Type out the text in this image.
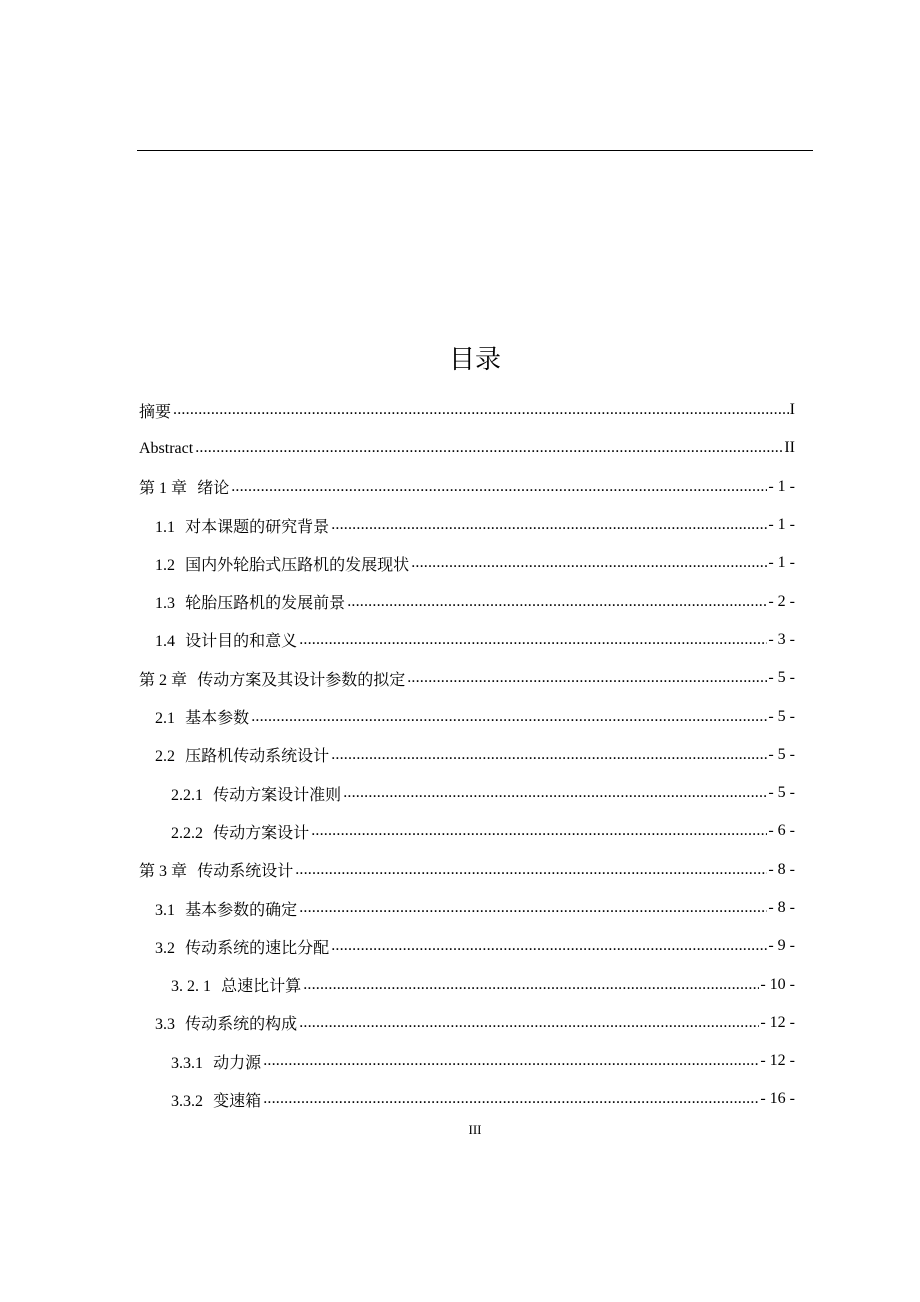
目录
摘要 .....	I
Abstract .....	II
第 1 章 绪论 .....	- 1 -
1.1 对本课题的研究背景 .....	- 1 -
1.2 国内外轮胎式压路机的发展现状 .....	- 1 -
1.3 轮胎压路机的发展前景 .....	- 2 -
1.4 设计目的和意义 .....	- 3 -
第 2 章 传动方案及其设计参数的拟定 .....	- 5 -
2.1 基本参数 .....	- 5 -
2.2 压路机传动系统设计 .....	- 5 -
2.2.1 传动方案设计准则 .....	- 5 -
2.2.2 传动方案设计 .....	- 6 -
第 3 章 传动系统设计 .....	- 8 -
3.1 基本参数的确定 .....	- 8 -
3.2 传动系统的速比分配 .....	- 9 -
3. 2. 1 总速比计算 .....	- 10 -
3.3 传动系统的构成 .....	- 12 -
3.3.1 动力源 .....	- 12 -
3.3.2 变速箱 .....	- 16 -
III
